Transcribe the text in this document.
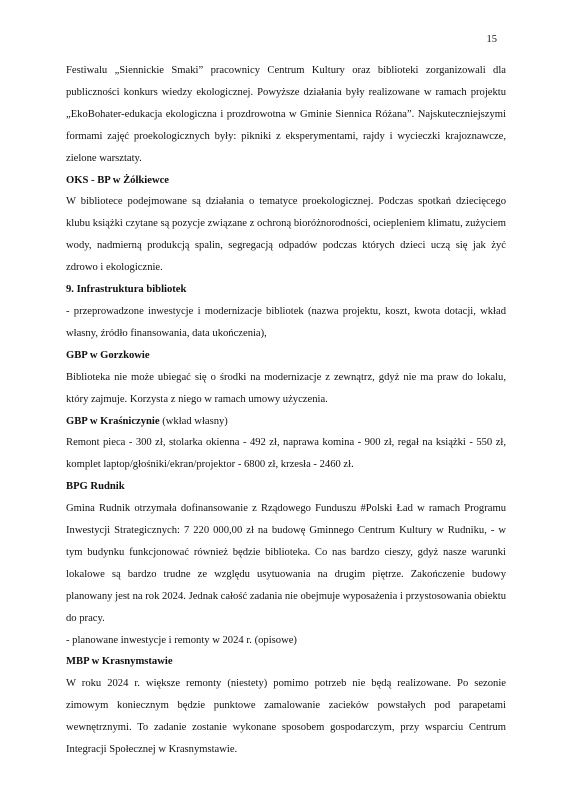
15

Festiwalu „Siennickie Smaki” pracownicy Centrum Kultury oraz biblioteki zorganizowali dla publiczności konkurs wiedzy ekologicznej. Powyższe działania były realizowane w ramach projektu „EkoBohater-edukacja ekologiczna i prozdrowotna w Gminie Siennica Różana”. Najskuteczniejszymi formami zajęć proekologicznych były: pikniki z eksperymentami, rajdy i wycieczki krajoznawcze, zielone warsztaty.

OKS - BP w Żółkiewce

W bibliotece podejmowane są działania o tematyce proekologicznej. Podczas spotkań dziecięcego klubu książki czytane są pozycje związane z ochroną bioróżnorodności, ociepleniem klimatu, zużyciem wody, nadmierną produkcją spalin, segregacją odpadów podczas których dzieci uczą się jak żyć zdrowo i ekologicznie.

9. Infrastruktura bibliotek

- przeprowadzone inwestycje i modernizacje bibliotek (nazwa projektu, koszt, kwota dotacji, wkład własny, źródło finansowania, data ukończenia),

GBP w Gorzkowie

Biblioteka nie może ubiegać się o środki na modernizacje z zewnątrz, gdyż nie ma praw do lokalu, który zajmuje. Korzysta z niego w ramach umowy użyczenia.

GBP w Kraśniczynie (wkład własny)

Remont pieca - 300 zł, stolarka okienna - 492 zł, naprawa komina - 900 zł, regał na książki - 550 zł, komplet laptop/głośniki/ekran/projektor - 6800 zł, krzesła - 2460 zł.

BPG Rudnik

Gmina Rudnik otrzymała dofinansowanie z Rządowego Funduszu #Polski Ład w ramach Programu Inwestycji Strategicznych: 7 220 000,00 zł na budowę Gminnego Centrum Kultury w Rudniku, - w tym budynku funkcjonować również będzie biblioteka. Co nas bardzo cieszy, gdyż nasze warunki lokalowe są bardzo trudne ze względu usytuowania na drugim piętrze. Zakończenie budowy planowany jest na rok 2024. Jednak całość zadania nie obejmuje wyposażenia i przystosowania obiektu do pracy.

- planowane inwestycje i remonty w 2024 r. (opisowe)

MBP w Krasnymstawie

W roku 2024 r. większe remonty (niestety) pomimo potrzeb nie będą realizowane. Po sezonie zimowym koniecznym będzie punktowe zamalowanie zacieków powstałych pod parapetami wewnętrznymi. To zadanie zostanie wykonane sposobem gospodarczym, przy wsparciu Centrum Integracji Społecznej w Krasnymstawie.
